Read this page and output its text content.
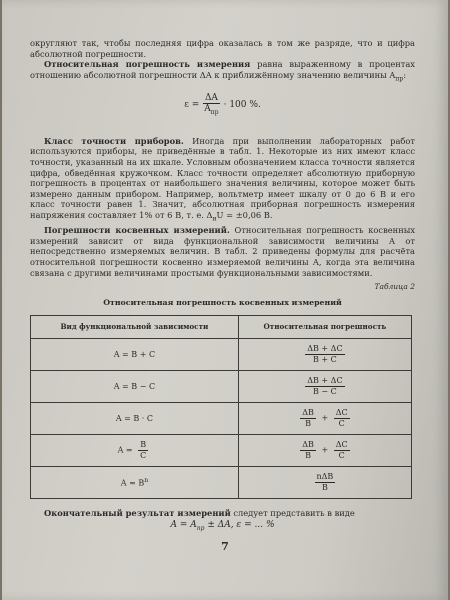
округляют так, чтобы последняя цифра оказалась в том же разряде, что и цифра абсолютной погрешности.

Относительная погрешность измерения равна выраженному в процентах отношению абсолютной погрешности ΔA к приближённому значению величины $A_{пр}$:

$\varepsilon = \frac{\Delta A}{A_{пр}} \cdot 100$ %.

Класс точности приборов. Иногда при выполнении лабораторных работ используются приборы, не приведённые в табл. 1. Некоторые из них имеют класс точности, указанный на их шкале. Условным обозначением класса точности является цифра, обведённая кружочком. Класс точности определяет абсолютную приборную погрешность в процентах от наибольшего значения величины, которое может быть измерено данным прибором. Например, вольтметр имеет шкалу от 0 до 6 В и его класс точности равен 1. Значит, абсолютная приборная погрешность измерения напряжения составляет 1% от 6 В, т. е. $\Delta_иU = \pm 0,06$ В.

Погрешности косвенных измерений. Относительная погрешность косвенных измерений зависит от вида функциональной зависимости величины A от непосредственно измеряемых величин. В табл. 2 приведены формулы для расчёта относительной погрешности косвенно измеряемой величины A, когда эта величина связана с другими величинами простыми функциональными зависимостями.

Таблица 2
Относительная погрешность косвенных измерений
Вид функциональной зависимости	Относительная погрешность
A = B + C	$\frac{\Delta B + \Delta C}{B + C}$

A = B − C	$\frac{\Delta B + \Delta C}{B - C}$

A = B · C	$\frac{\Delta B}{B} + \frac{\Delta C}{C}$

$A = \frac{B}{C}$	$\frac{\Delta B}{B} + \frac{\Delta C}{C}$

$A = B^n$	$\frac{\text{nΔB}}{B}$

Окончательный результат измерений следует представить в виде

$A = A_{пр} \pm \Delta A$, ε = ... %
7
